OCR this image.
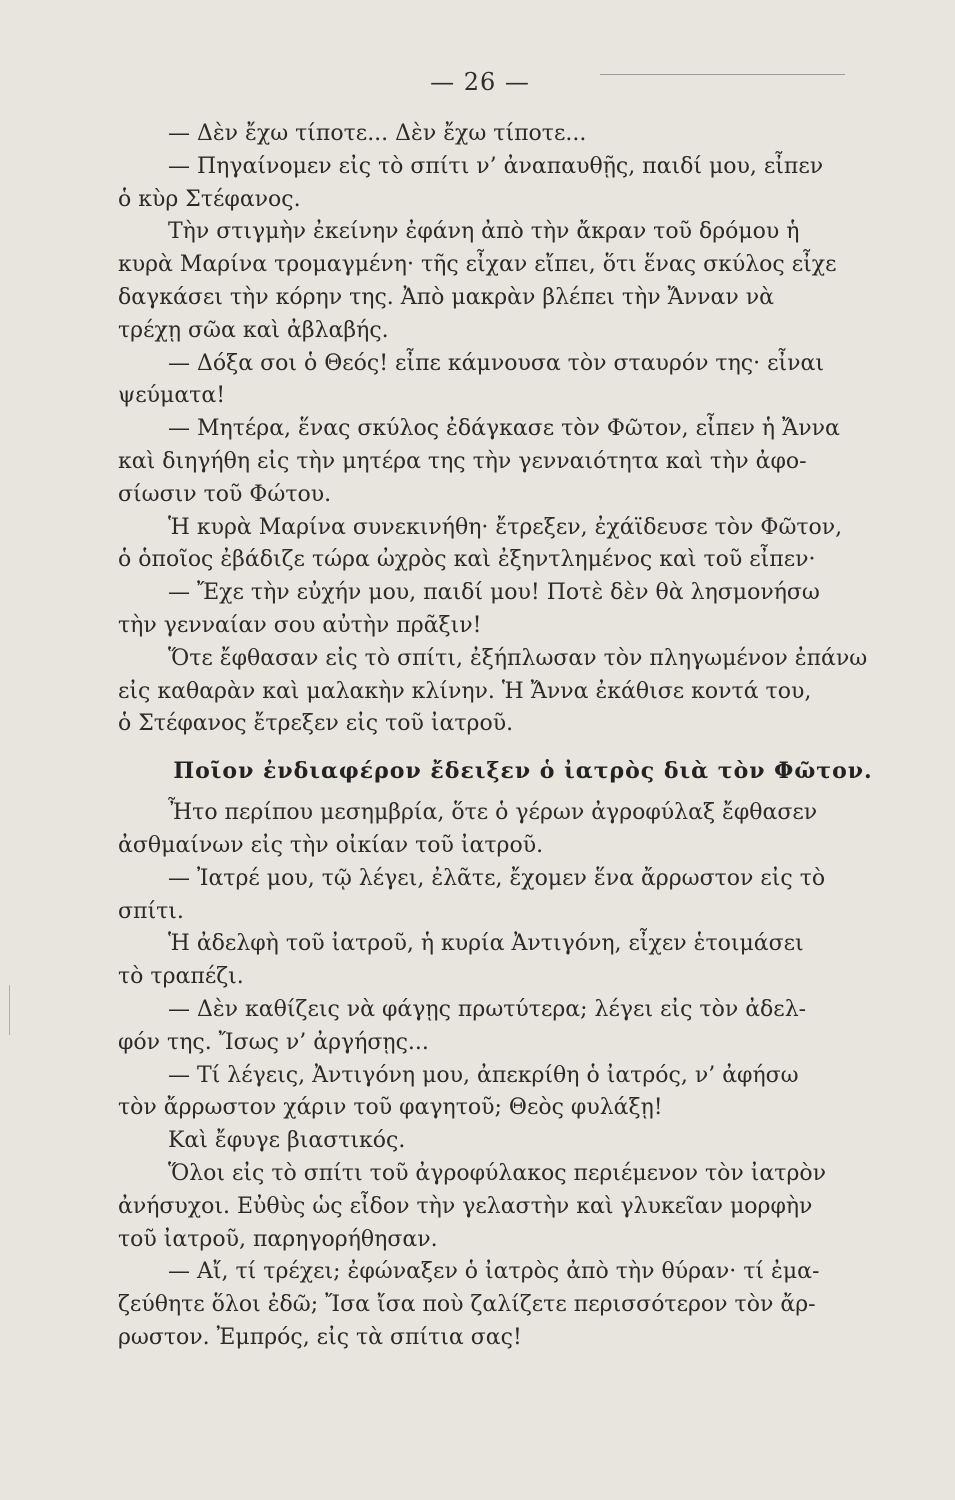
— 26 —
— Δὲν ἔχω τίποτε... Δὲν ἔχω τίποτε...
— Πηγαίνομεν εἰς τὸ σπίτι ν’ ἀναπαυθῇς, παιδί μου, εἶπεν
ὁ κὺρ Στέφανος.
Τὴν στιγμὴν ἐκείνην ἐφάνη ἀπὸ τὴν ἄκραν τοῦ δρόμου ἡ
κυρὰ Μαρίνα τρομαγμένη· τῆς εἶχαν εἴπει, ὅτι ἕνας σκύλος εἶχε
δαγκάσει τὴν κόρην της. Ἀπὸ μακρὰν βλέπει τὴν Ἄνναν νὰ
τρέχῃ σῶα καὶ ἀβλαβής.
— Δόξα σοι ὁ Θεός! εἶπε κάμνουσα τὸν σταυρόν της· εἶναι
ψεύματα!
— Μητέρα, ἕνας σκύλος ἐδάγκασε τὸν Φῶτον, εἶπεν ἡ Ἄννα
καὶ διηγήθη εἰς τὴν μητέρα της τὴν γενναιότητα καὶ τὴν ἀφο-
σίωσιν τοῦ Φώτου.
Ἡ κυρὰ Μαρίνα συνεκινήθη· ἔτρεξεν, ἐχάϊδευσε τὸν Φῶτον,
ὁ ὁποῖος ἐβάδιζε τώρα ὠχρὸς καὶ ἐξηντλημένος καὶ τοῦ εἶπεν·
— Ἔχε τὴν εὐχήν μου, παιδί μου! Ποτὲ δὲν θὰ λησμονήσω
τὴν γενναίαν σου αὐτὴν πρᾶξιν!
Ὅτε ἔφθασαν εἰς τὸ σπίτι, ἐξήπλωσαν τὸν πληγωμένον ἐπάνω
εἰς καθαρὰν καὶ μαλακὴν κλίνην. Ἡ Ἄννα ἐκάθισε κοντά του,
ὁ Στέφανος ἔτρεξεν εἰς τοῦ ἰατροῦ.
Ποῖον ἐνδιαφέρον ἔδειξεν ὁ ἰατρὸς διὰ τὸν Φῶτον.
Ἦτο περίπου μεσημβρία, ὅτε ὁ γέρων ἀγροφύλαξ ἔφθασεν
ἀσθμαίνων εἰς τὴν οἰκίαν τοῦ ἰατροῦ.
— Ἰατρέ μου, τῷ λέγει, ἐλᾶτε, ἔχομεν ἕνα ἄρρωστον εἰς τὸ
σπίτι.
Ἡ ἀδελφὴ τοῦ ἰατροῦ, ἡ κυρία Ἀντιγόνη, εἶχεν ἑτοιμάσει
τὸ τραπέζι.
— Δὲν καθίζεις νὰ φάγῃς πρωτύτερα; λέγει εἰς τὸν ἀδελ-
φόν της. Ἴσως ν’ ἀργήσῃς...
— Τί λέγεις, Ἀντιγόνη μου, ἀπεκρίθη ὁ ἰατρός, ν’ ἀφήσω
τὸν ἄρρωστον χάριν τοῦ φαγητοῦ; Θεὸς φυλάξῃ!
Καὶ ἔφυγε βιαστικός.
Ὅλοι εἰς τὸ σπίτι τοῦ ἀγροφύλακος περιέμενον τὸν ἰατρὸν
ἀνήσυχοι. Εὐθὺς ὡς εἶδον τὴν γελαστὴν καὶ γλυκεῖαν μορφὴν
τοῦ ἰατροῦ, παρηγορήθησαν.
— Αἴ, τί τρέχει; ἐφώναξεν ὁ ἰατρὸς ἀπὸ τὴν θύραν· τί ἐμα-
ζεύθητε ὅλοι ἐδῶ; Ἴσα ἴσα ποὺ ζαλίζετε περισσότερον τὸν ἄρ-
ρωστον. Ἐμπρός, εἰς τὰ σπίτια σας!
